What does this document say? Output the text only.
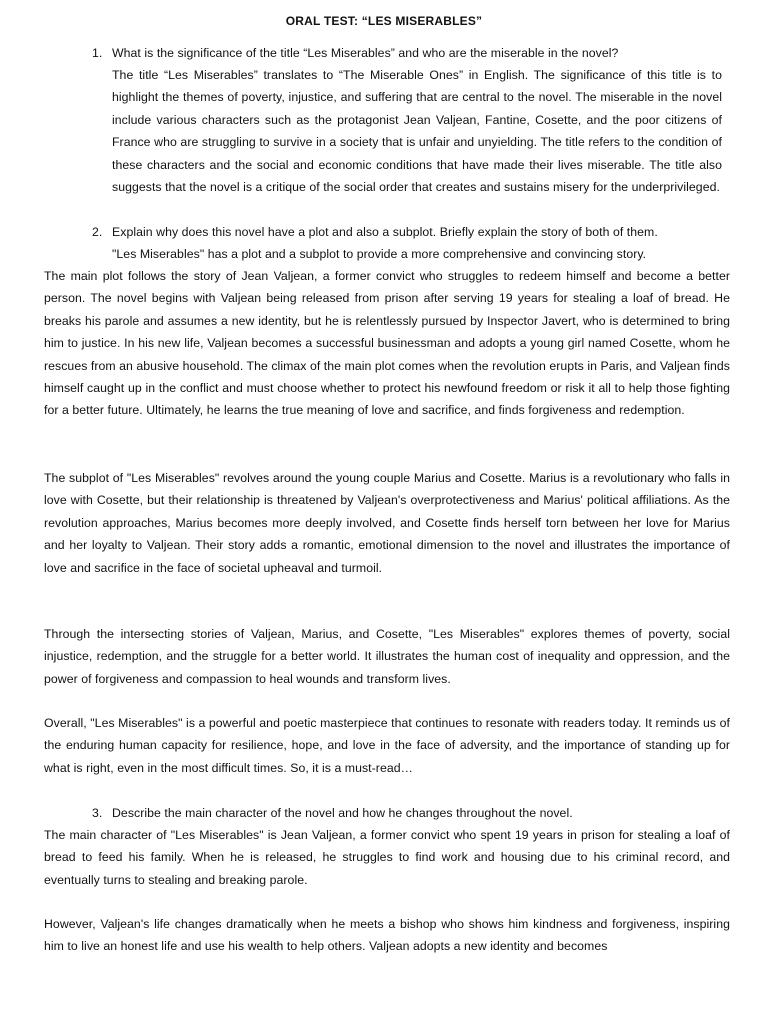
ORAL TEST: “LES MISERABLES”
1. What is the significance of the title “Les Miserables” and who are the miserable in the novel?
The title “Les Miserables” translates to “The Miserable Ones” in English. The significance of this title is to highlight the themes of poverty, injustice, and suffering that are central to the novel. The miserable in the novel include various characters such as the protagonist Jean Valjean, Fantine, Cosette, and the poor citizens of France who are struggling to survive in a society that is unfair and unyielding. The title refers to the condition of these characters and the social and economic conditions that have made their lives miserable. The title also suggests that the novel is a critique of the social order that creates and sustains misery for the underprivileged.
2. Explain why does this novel have a plot and also a subplot. Briefly explain the story of both of them.
"Les Miserables" has a plot and a subplot to provide a more comprehensive and convincing story.
The main plot follows the story of Jean Valjean, a former convict who struggles to redeem himself and become a better person. The novel begins with Valjean being released from prison after serving 19 years for stealing a loaf of bread. He breaks his parole and assumes a new identity, but he is relentlessly pursued by Inspector Javert, who is determined to bring him to justice. In his new life, Valjean becomes a successful businessman and adopts a young girl named Cosette, whom he rescues from an abusive household. The climax of the main plot comes when the revolution erupts in Paris, and Valjean finds himself caught up in the conflict and must choose whether to protect his newfound freedom or risk it all to help those fighting for a better future. Ultimately, he learns the true meaning of love and sacrifice, and finds forgiveness and redemption.
The subplot of "Les Miserables" revolves around the young couple Marius and Cosette. Marius is a revolutionary who falls in love with Cosette, but their relationship is threatened by Valjean's overprotectiveness and Marius' political affiliations. As the revolution approaches, Marius becomes more deeply involved, and Cosette finds herself torn between her love for Marius and her loyalty to Valjean. Their story adds a romantic, emotional dimension to the novel and illustrates the importance of love and sacrifice in the face of societal upheaval and turmoil.
Through the intersecting stories of Valjean, Marius, and Cosette, "Les Miserables" explores themes of poverty, social injustice, redemption, and the struggle for a better world. It illustrates the human cost of inequality and oppression, and the power of forgiveness and compassion to heal wounds and transform lives.
Overall, "Les Miserables" is a powerful and poetic masterpiece that continues to resonate with readers today. It reminds us of the enduring human capacity for resilience, hope, and love in the face of adversity, and the importance of standing up for what is right, even in the most difficult times. So, it is a must-read…
3. Describe the main character of the novel and how he changes throughout the novel.
The main character of "Les Miserables" is Jean Valjean, a former convict who spent 19 years in prison for stealing a loaf of bread to feed his family. When he is released, he struggles to find work and housing due to his criminal record, and eventually turns to stealing and breaking parole.
However, Valjean's life changes dramatically when he meets a bishop who shows him kindness and forgiveness, inspiring him to live an honest life and use his wealth to help others. Valjean adopts a new identity and becomes
